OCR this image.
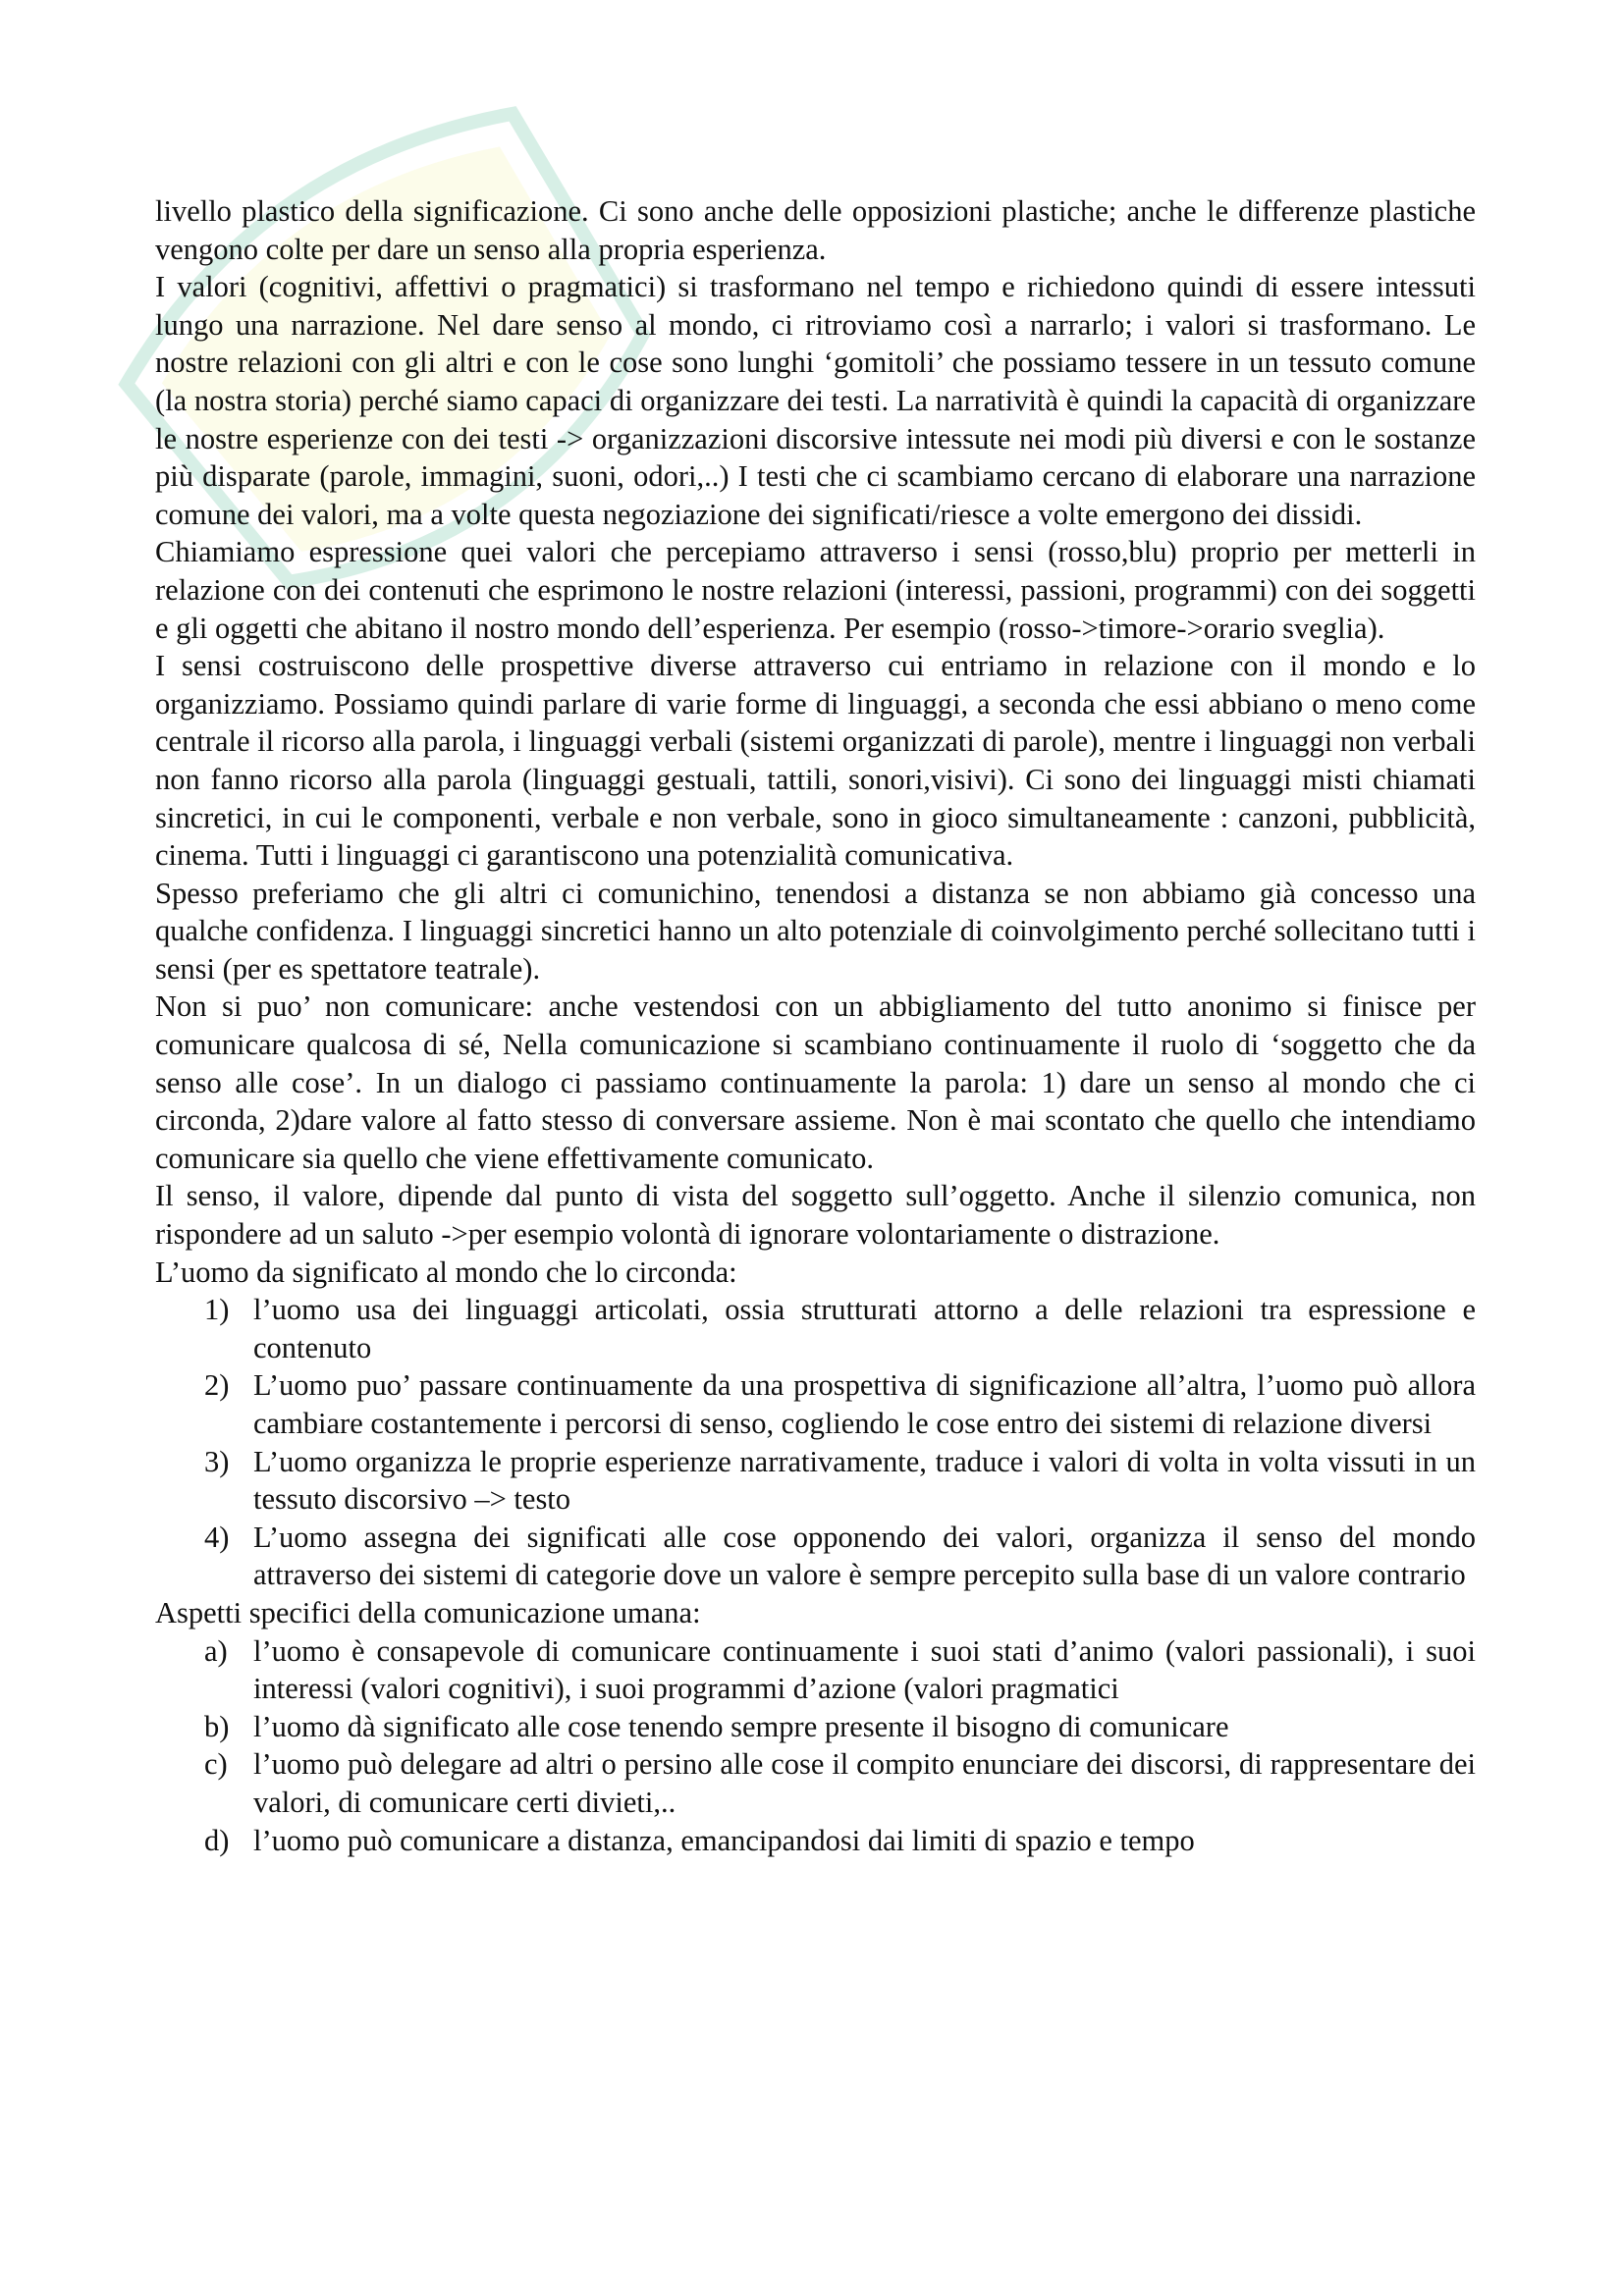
livello plastico della significazione. Ci sono anche delle opposizioni plastiche; anche le differenze plastiche vengono colte per dare un senso alla propria esperienza.

I valori (cognitivi, affettivi o pragmatici) si trasformano nel tempo e richiedono quindi di essere intessuti lungo una narrazione. Nel dare senso al mondo, ci ritroviamo così a narrarlo; i valori si trasformano. Le nostre relazioni con gli altri e con le cose sono lunghi ‘gomitoli’ che possiamo tessere in un tessuto comune (la nostra storia) perché siamo capaci di organizzare dei testi. La narratività è quindi la capacità di organizzare le nostre esperienze con dei testi -> organizzazioni discorsive intessute nei modi più diversi e con le sostanze più disparate (parole, immagini, suoni, odori,..) I testi che ci scambiamo cercano di elaborare una narrazione comune dei valori, ma a volte questa negoziazione dei significati/riesce a volte emergono dei dissidi.

Chiamiamo espressione quei valori che percepiamo attraverso i sensi (rosso,blu) proprio per metterli in relazione con dei contenuti che esprimono le nostre relazioni (interessi, passioni, programmi) con dei soggetti e gli oggetti che abitano il nostro mondo dell’esperienza. Per esempio (rosso->timore->orario sveglia).

I sensi costruiscono delle prospettive diverse attraverso cui entriamo in relazione con il mondo e lo organizziamo. Possiamo quindi parlare di varie forme di linguaggi, a seconda che essi abbiano o meno come centrale il ricorso alla parola, i linguaggi verbali (sistemi organizzati di parole), mentre i linguaggi non verbali non fanno ricorso alla parola (linguaggi gestuali, tattili, sonori,visivi). Ci sono dei linguaggi misti chiamati sincretici, in cui le componenti, verbale e non verbale, sono in gioco simultaneamente : canzoni, pubblicità, cinema. Tutti i linguaggi ci garantiscono una potenzialità comunicativa.

Spesso preferiamo che gli altri ci comunichino, tenendosi a distanza se non abbiamo già concesso una qualche confidenza. I linguaggi sincretici hanno un alto potenziale di coinvolgimento perché sollecitano tutti i sensi (per es spettatore teatrale).

Non si puo’ non comunicare: anche vestendosi con un abbigliamento del tutto anonimo si finisce per comunicare qualcosa di sé, Nella comunicazione si scambiano continuamente il ruolo di ‘soggetto che da senso alle cose’. In un dialogo ci passiamo continuamente la parola: 1) dare un senso al mondo che ci circonda, 2)dare valore al fatto stesso di conversare assieme. Non è mai scontato che quello che intendiamo comunicare sia quello che viene effettivamente comunicato.

Il senso, il valore, dipende dal punto di vista del soggetto sull’oggetto. Anche il silenzio comunica, non rispondere ad un saluto ->per esempio volontà di ignorare volontariamente o distrazione.

L’uomo da significato al mondo che lo circonda:

1) l’uomo usa dei linguaggi articolati, ossia strutturati attorno a delle relazioni tra espressione e contenuto
2) L’uomo puo’ passare continuamente da una prospettiva di significazione all’altra, l’uomo può allora cambiare costantemente i percorsi di senso, cogliendo le cose entro dei sistemi di relazione diversi
3) L’uomo organizza le proprie esperienze narrativamente, traduce i valori di volta in volta vissuti in un tessuto discorsivo –> testo
4) L’uomo assegna dei significati alle cose opponendo dei valori, organizza il senso del mondo attraverso dei sistemi di categorie dove un valore è sempre percepito sulla base di un valore contrario

Aspetti specifici della comunicazione umana:

a) l’uomo è consapevole di comunicare continuamente i suoi stati d’animo (valori passionali), i suoi interessi (valori cognitivi), i suoi programmi d’azione (valori pragmatici
b) l’uomo dà significato alle cose tenendo sempre presente il bisogno di comunicare
c) l’uomo può delegare ad altri o persino alle cose il compito enunciare dei discorsi, di rappresentare dei valori, di comunicare certi divieti,..
d) l’uomo può comunicare a distanza, emancipandosi dai limiti di spazio e tempo
